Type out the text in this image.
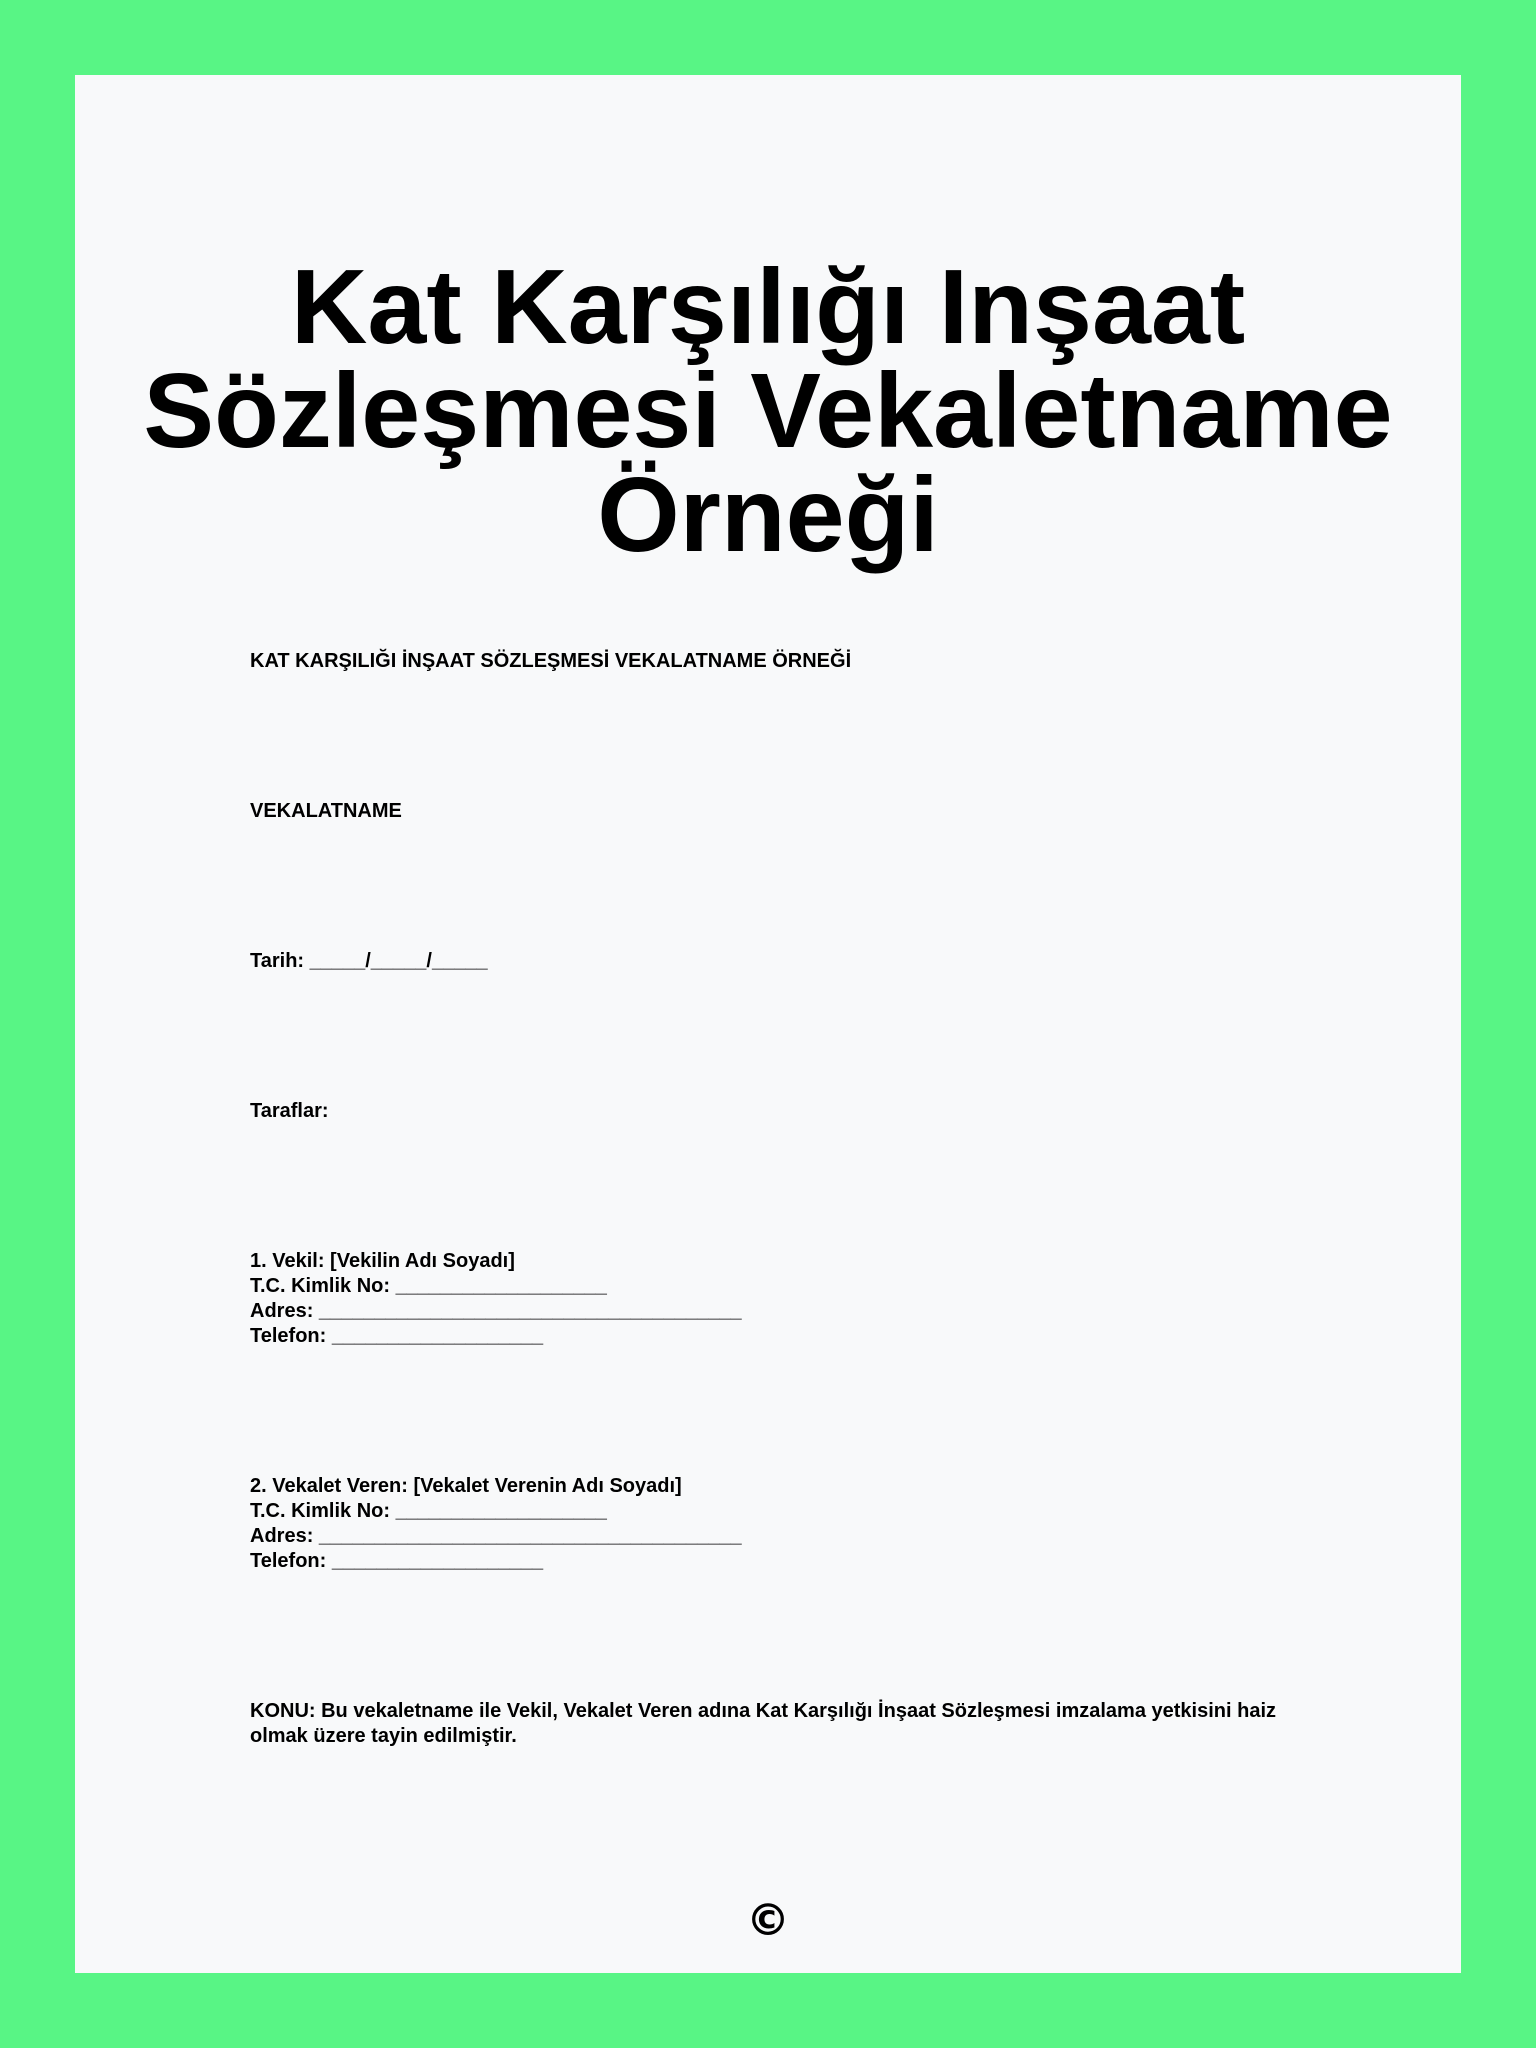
Kat Karşılığı Inşaat Sözleşmesi Vekaletname Örneği
KAT KARŞILIĞI İNŞAAT SÖZLEŞMESİ VEKALATNAME ÖRNEĞİ
VEKALATNAME
Tarih: _____/_____/_____
Taraflar:
1. Vekil: [Vekilin Adı Soyadı]
T.C. Kimlik No: ___________________
Adres: ______________________________________
Telefon: ___________________
2. Vekalet Veren: [Vekalet Verenin Adı Soyadı]
T.C. Kimlik No: ___________________
Adres: ______________________________________
Telefon: ___________________
KONU: Bu vekaletname ile Vekil, Vekalet Veren adına Kat Karşılığı İnşaat Sözleşmesi imzalama yetkisini haiz olmak üzere tayin edilmiştir.
©
